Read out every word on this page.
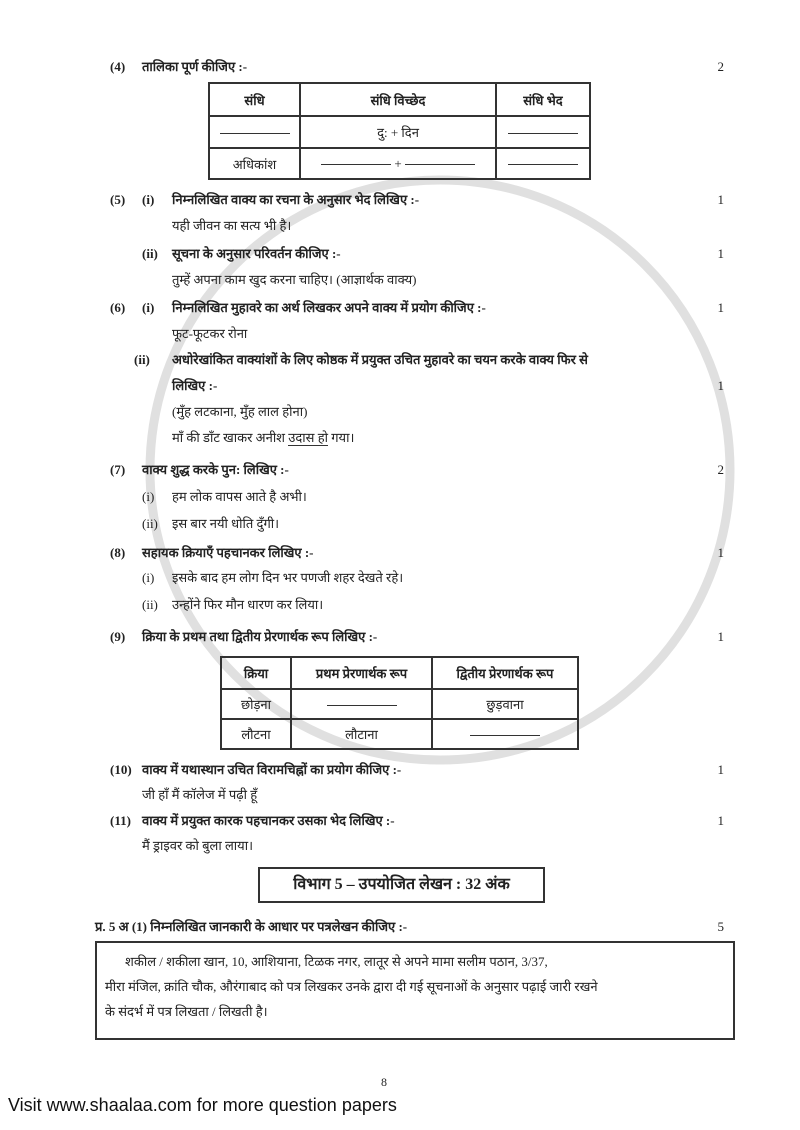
(4)	तालिका पूर्ण कीजिए :-	2
संधि	संधि विच्छेद	संधि भेद
	दु: + दिन	
अधिकांश	+	
(5)	(i)	निम्नलिखित वाक्य का रचना के अनुसार भेद लिखिए :-	1
यही जीवन का सत्य भी है।
(ii)	सूचना के अनुसार परिवर्तन कीजिए :-	1
तुम्हें अपना काम खुद करना चाहिए। (आज्ञार्थक वाक्य)
(6)	(i)	निम्नलिखित मुहावरे का अर्थ लिखकर अपने वाक्य में प्रयोग कीजिए :-	1
फूट-फूटकर रोना
(ii)	अधोरेखांकित वाक्यांशों के लिए कोष्ठक में प्रयुक्त उचित मुहावरे का चयन करके वाक्य फिर से
लिखिए :-	1
(मुँह लटकाना, मुँह लाल होना)
माँ की डाँट खाकर अनीश उदास हो गया।
(7)	वाक्य शुद्ध करके पुन: लिखिए :-	2
(i)	हम लोक वापस आते है अभी।
(ii)	इस बार नयी धोति दुँगी।
(8)	सहायक क्रियाएँ पहचानकर लिखिए :-	1
(i)	इसके बाद हम लोग दिन भर पणजी शहर देखते रहे।
(ii)	उन्होंने फिर मौन धारण कर लिया।
(9)	क्रिया के प्रथम तथा द्वितीय प्रेरणार्थक रूप लिखिए :-	1
क्रिया	प्रथम प्रेरणार्थक रूप	द्वितीय प्रेरणार्थक रूप
छोड़ना		छुड़वाना
लौटना	लौटाना	
(10) वाक्य में यथास्थान उचित विरामचिह्नों का प्रयोग कीजिए :-	1
जी हाँ मैं कॉलेज में पढ़ी हूँ
(11) वाक्य में प्रयुक्त कारक पहचानकर उसका भेद लिखिए :-	1
मैं ड्राइवर को बुला लाया।
विभाग 5 – उपयोजित लेखन : 32 अंक
प्र. 5 अ (1) निम्नलिखित जानकारी के आधार पर पत्रलेखन कीजिए :-	5
शकील / शकीला खान, 10, आशियाना, टिळक नगर, लातूर से अपने मामा सलीम पठान, 3/37,
मीरा मंजिल, क्रांति चौक, औरंगाबाद को पत्र लिखकर उनके द्वारा दी गई सूचनाओं के अनुसार पढ़ाई जारी रखने
के संदर्भ में पत्र लिखता / लिखती है।
8
Visit www.shaalaa.com for more question papers
